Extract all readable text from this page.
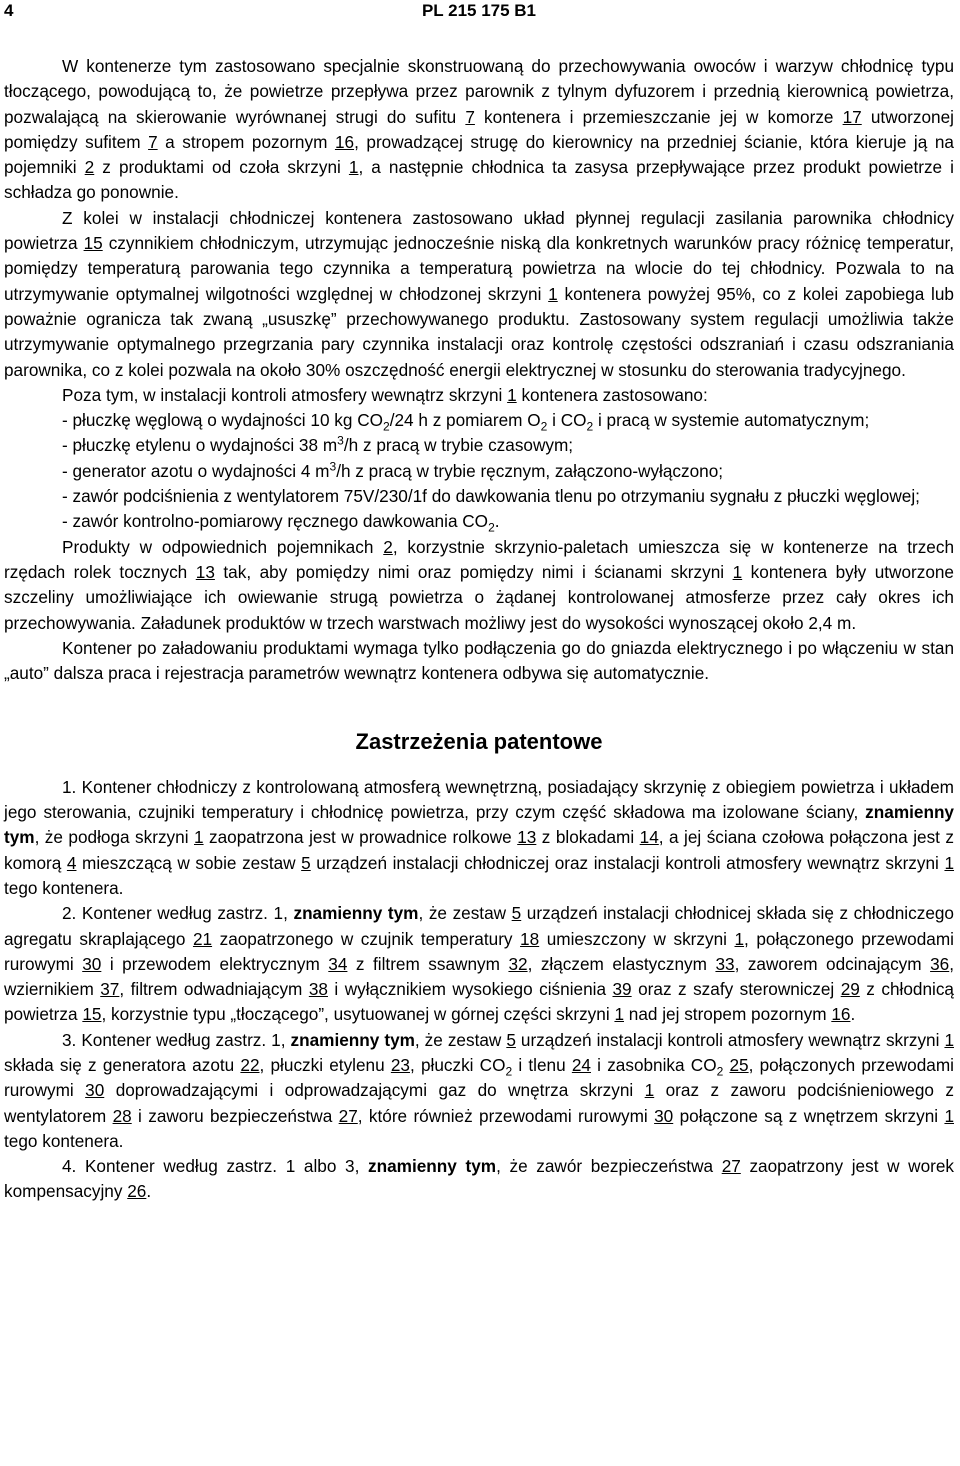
4	PL 215 175 B1

W kontenerze tym zastosowano specjalnie skonstruowaną do przechowywania owoców i warzyw chłodnicę typu tłoczącego, powodującą to, że powietrze przepływa przez parownik z tylnym dyfuzorem i przednią kierownicą powietrza, pozwalającą na skierowanie wyrównanej strugi do sufitu 7 kontenera i przemieszczanie jej w komorze 17 utworzonej pomiędzy sufitem 7 a stropem pozornym 16, prowadzącej strugę do kierownicy na przedniej ścianie, która kieruje ją na pojemniki 2 z produktami od czoła skrzyni 1, a następnie chłodnica ta zasysa przepływające przez produkt powietrze i schładza go ponownie.

Z kolei w instalacji chłodniczej kontenera zastosowano układ płynnej regulacji zasilania parownika chłodnicy powietrza 15 czynnikiem chłodniczym, utrzymując jednocześnie niską dla konkretnych warunków pracy różnicę temperatur, pomiędzy temperaturą parowania tego czynnika a temperaturą powietrza na wlocie do tej chłodnicy. Pozwala to na utrzymywanie optymalnej wilgotności względnej w chłodzonej skrzyni 1 kontenera powyżej 95%, co z kolei zapobiega lub poważnie ogranicza tak zwaną „ususzkę” przechowywanego produktu. Zastosowany system regulacji umożliwia także utrzymywanie optymalnego przegrzania pary czynnika instalacji oraz kontrolę częstości odszraniań i czasu odszraniania parownika, co z kolei pozwala na około 30% oszczędność energii elektrycznej w stosunku do sterowania tradycyjnego.

Poza tym, w instalacji kontroli atmosfery wewnątrz skrzyni 1 kontenera zastosowano:

- płuczkę węglową o wydajności 10 kg $CO_2/24$ h z pomiarem $O_2$ i $CO_2$ i pracą w systemie automatycznym;

- płuczkę etylenu o wydajności 38 $m^3/h$ z pracą w trybie czasowym;

- generator azotu o wydajności 4 $m^3/h$ z pracą w trybie ręcznym, załączono-wyłączono;

- zawór podciśnienia z wentylatorem 75V/230/1f do dawkowania tlenu po otrzymaniu sygnału z płuczki węglowej;

- zawór kontrolno-pomiarowy ręcznego dawkowania $CO_2$.

Produkty w odpowiednich pojemnikach 2, korzystnie skrzynio-paletach umieszcza się w kontenerze na trzech rzędach rolek tocznych 13 tak, aby pomiędzy nimi oraz pomiędzy nimi i ścianami skrzyni 1 kontenera były utworzone szczeliny umożliwiające ich owiewanie strugą powietrza o żądanej kontrolowanej atmosferze przez cały okres ich przechowywania. Załadunek produktów w trzech warstwach możliwy jest do wysokości wynoszącej około 2,4 m.

Kontener po załadowaniu produktami wymaga tylko podłączenia go do gniazda elektrycznego i po włączeniu w stan „auto” dalsza praca i rejestracja parametrów wewnątrz kontenera odbywa się automatycznie.

Zastrzeżenia patentowe

1. Kontener chłodniczy z kontrolowaną atmosferą wewnętrzną, posiadający skrzynię z obiegiem powietrza i układem jego sterowania, czujniki temperatury i chłodnicę powietrza, przy czym część składowa ma izolowane ściany, znamienny tym, że podłoga skrzyni 1 zaopatrzona jest w prowadnice rolkowe 13 z blokadami 14, a jej ściana czołowa połączona jest z komorą 4 mieszczącą w sobie zestaw 5 urządzeń instalacji chłodniczej oraz instalacji kontroli atmosfery wewnątrz skrzyni 1 tego kontenera.

2. Kontener według zastrz. 1, znamienny tym, że zestaw 5 urządzeń instalacji chłodnicej składa się z chłodniczego agregatu skraplającego 21 zaopatrzonego w czujnik temperatury 18 umieszczony w skrzyni 1, połączonego przewodami rurowymi 30 i przewodem elektrycznym 34 z filtrem ssawnym 32, złączem elastycznym 33, zaworem odcinającym 36, wziernikiem 37, filtrem odwadniającym 38 i wyłącznikiem wysokiego ciśnienia 39 oraz z szafy sterowniczej 29 z chłodnicą powietrza 15, korzystnie typu „tłoczącego”, usytuowanej w górnej części skrzyni 1 nad jej stropem pozornym 16.

3. Kontener według zastrz. 1, znamienny tym, że zestaw 5 urządzeń instalacji kontroli atmosfery wewnątrz skrzyni 1 składa się z generatora azotu 22, płuczki etylenu 23, płuczki $CO_2$ i tlenu 24 i zasobnika $CO_2$ 25, połączonych przewodami rurowymi 30 doprowadzającymi i odprowadzającymi gaz do wnętrza skrzyni 1 oraz z zaworu podciśnieniowego z wentylatorem 28 i zaworu bezpieczeństwa 27, które również przewodami rurowymi 30 połączone są z wnętrzem skrzyni 1 tego kontenera.

4. Kontener według zastrz. 1 albo 3, znamienny tym, że zawór bezpieczeństwa 27 zaopatrzony jest w worek kompensacyjny 26.
